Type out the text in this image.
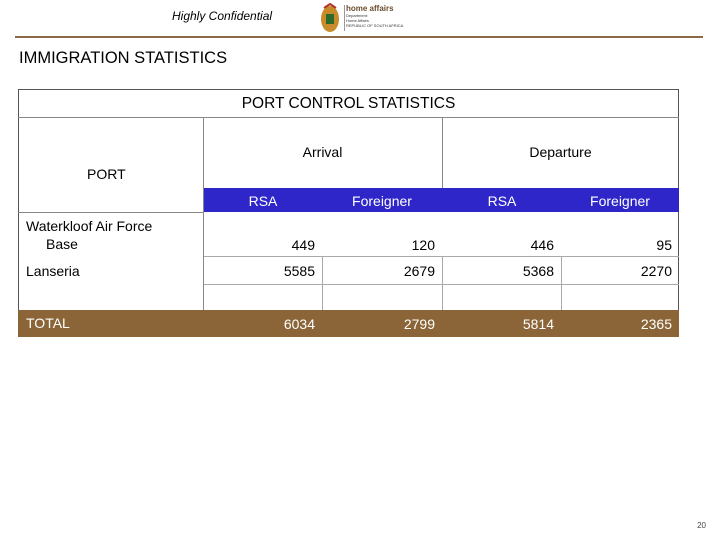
Highly Confidential
home affairs
Department:
Home Affairs
REPUBLIC OF SOUTH AFRICA
IMMIGRATION STATISTICS
PORT CONTROL STATISTICS
Arrival	Departure
PORT
RSA	Foreigner	RSA	Foreigner
Waterkloof Air Force
Base	449	120	446	95
Lanseria	5585	2679	5368	2270
TOTAL	6034	2799	5814	2365
20
